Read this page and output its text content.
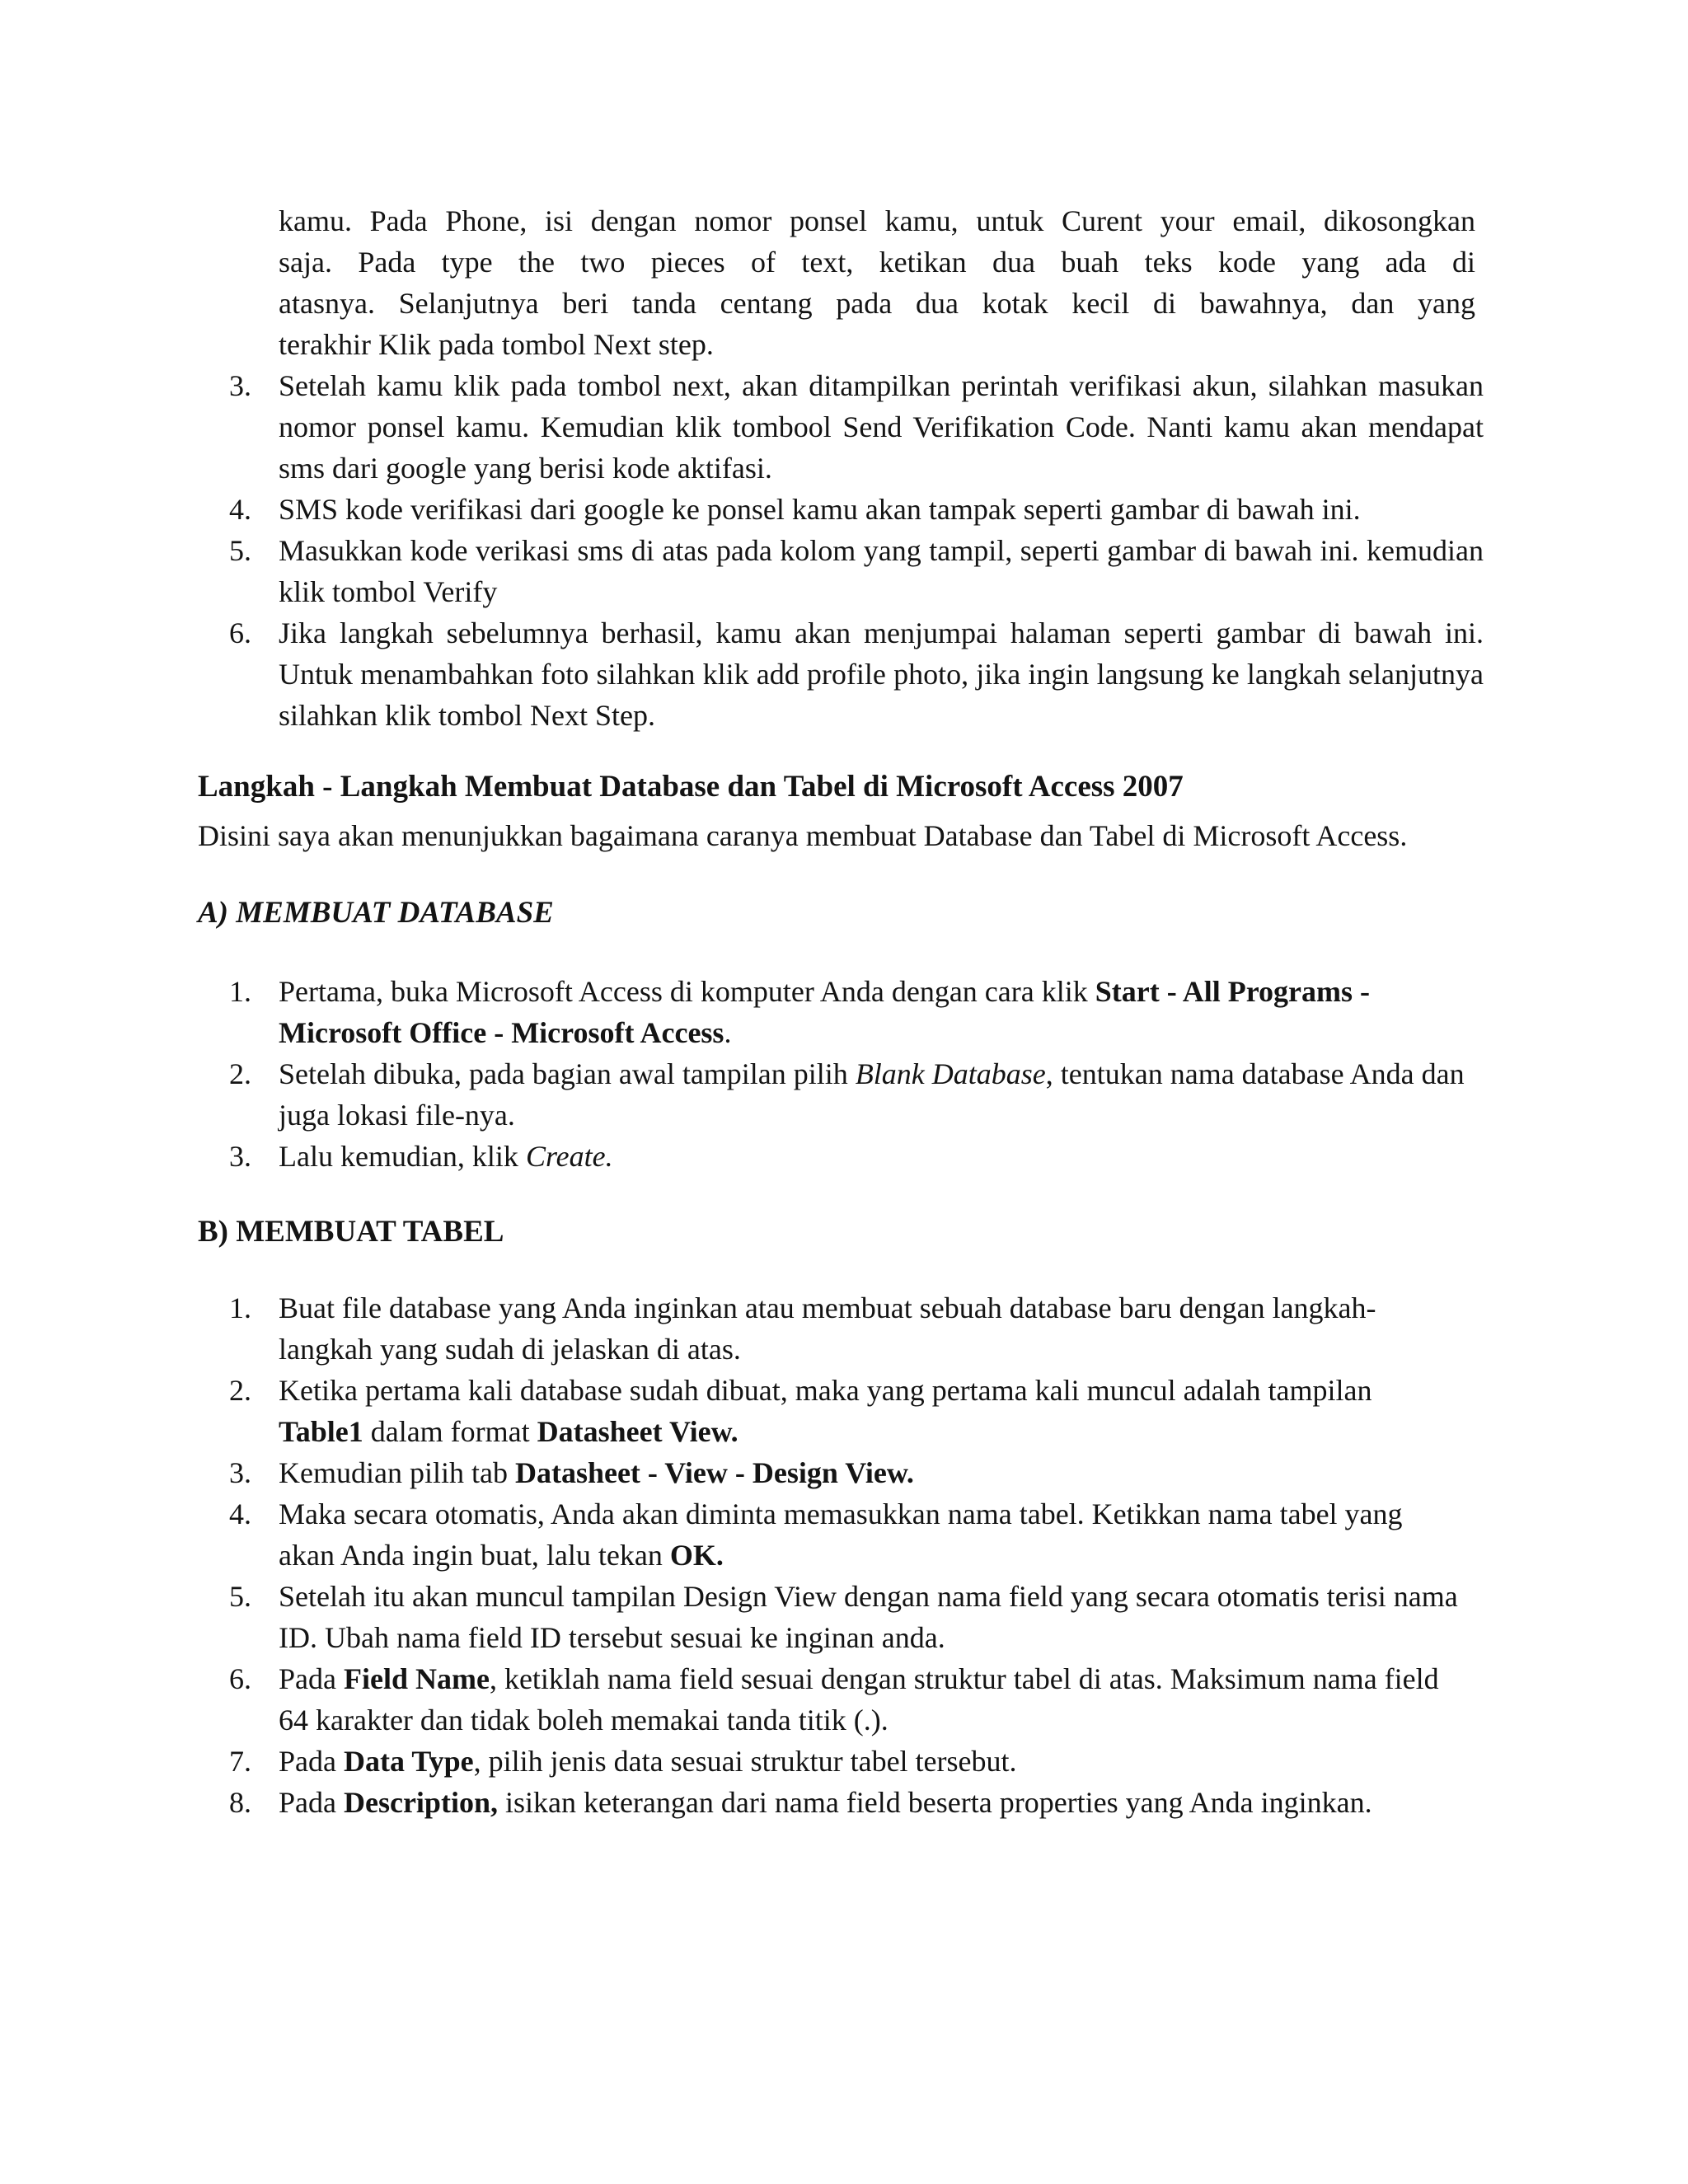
kamu. Pada Phone, isi dengan nomor ponsel kamu, untuk Curent your email, dikosongkan
saja. Pada type the two pieces of text, ketikan dua buah teks kode yang ada di
atasnya. Selanjutnya beri tanda centang pada dua kotak kecil di bawahnya, dan yang
terakhir Klik pada tombol Next step.
3. Setelah kamu klik pada tombol next, akan ditampilkan perintah verifikasi akun, silahkan masukan nomor ponsel kamu. Kemudian klik tombool Send Verifikation Code. Nanti kamu akan mendapat sms dari google yang berisi kode aktifasi.
4. SMS kode verifikasi dari google ke ponsel kamu akan tampak seperti gambar di bawah ini.
5. Masukkan kode verikasi sms di atas pada kolom yang tampil, seperti gambar di bawah ini. kemudian klik tombol Verify
6. Jika langkah sebelumnya berhasil, kamu akan menjumpai halaman seperti gambar di bawah ini. Untuk menambahkan foto silahkan klik add profile photo, jika ingin langsung ke langkah selanjutnya silahkan klik tombol Next Step.
Langkah - Langkah Membuat Database dan Tabel di Microsoft Access 2007
Disini saya akan menunjukkan bagaimana caranya membuat Database dan Tabel di Microsoft Access.
A) MEMBUAT DATABASE
1. Pertama, buka Microsoft Access di komputer Anda dengan cara klik Start - All Programs - Microsoft Office - Microsoft Access.
2. Setelah dibuka, pada bagian awal tampilan pilih Blank Database, tentukan nama database Anda dan juga lokasi file-nya.
3. Lalu kemudian, klik Create.
B) MEMBUAT TABEL
1. Buat file database yang Anda inginkan atau membuat sebuah database baru dengan langkah-langkah yang sudah di jelaskan di atas.
2. Ketika pertama kali database sudah dibuat, maka yang pertama kali muncul adalah tampilan Table1 dalam format Datasheet View.
3. Kemudian pilih tab Datasheet - View - Design View.
4. Maka secara otomatis, Anda akan diminta memasukkan nama tabel. Ketikkan nama tabel yang akan Anda ingin buat, lalu tekan OK.
5. Setelah itu akan muncul tampilan Design View dengan nama field yang secara otomatis terisi nama ID. Ubah nama field ID tersebut sesuai ke inginan anda.
6. Pada Field Name, ketiklah nama field sesuai dengan struktur tabel di atas. Maksimum nama field 64 karakter dan tidak boleh memakai tanda titik (.).
7. Pada Data Type, pilih jenis data sesuai struktur tabel tersebut.
8. Pada Description, isikan keterangan dari nama field beserta properties yang Anda inginkan.
